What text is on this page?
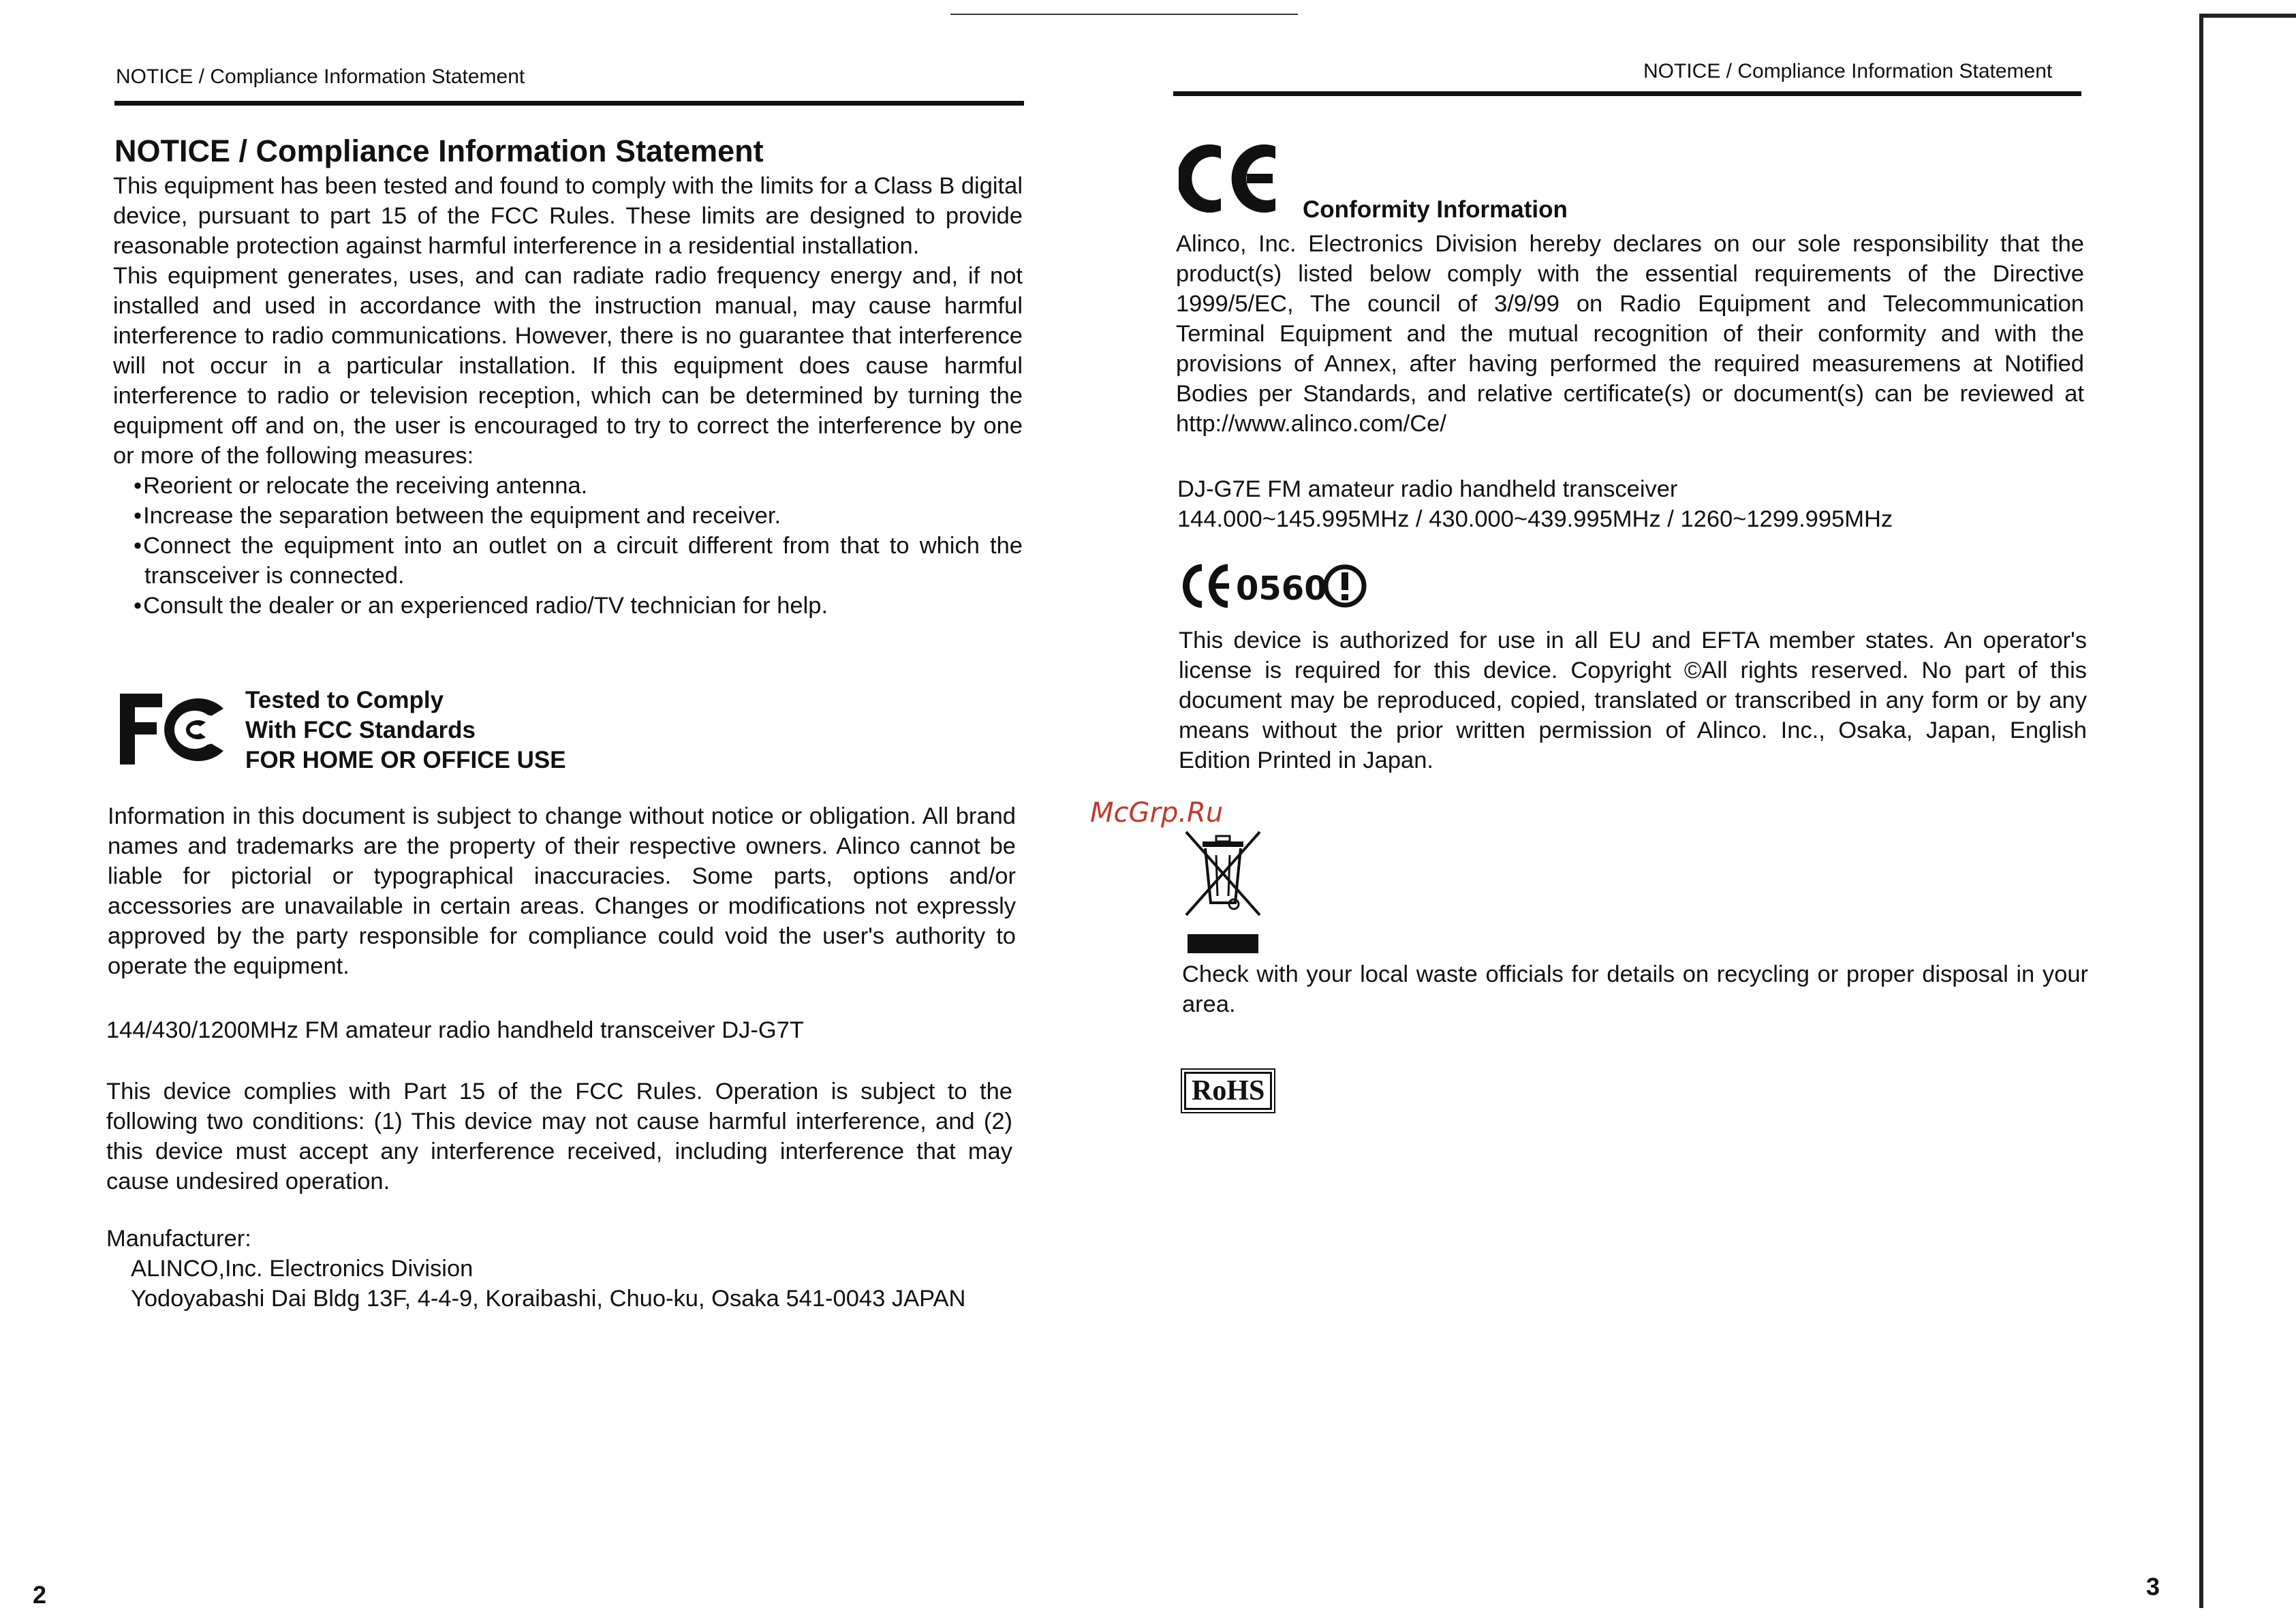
NOTICE / Compliance Information Statement
NOTICE / Compliance Information Statement

This equipment has been tested and found to comply with the limits for a Class B digital device, pursuant to part 15 of the FCC Rules. These limits are designed to provide reasonable protection against harmful interference in a residential installation.

This equipment generates, uses, and can radiate radio frequency energy and, if not installed and used in accordance with the instruction manual, may cause harmful interference to radio communications. However, there is no guarantee that interference will not occur in a particular installation. If this equipment does cause harmful interference to radio or television reception, which can be determined by turning the equipment off and on, the user is encouraged to try to correct the interference by one or more of the following measures:

• Reorient or relocate the receiving antenna.
• Increase the separation between the equipment and receiver.
• Connect the equipment into an outlet on a circuit different from that to which the transceiver is connected.
• Consult the dealer or an experienced radio/TV technician for help.
Tested to Comply
With FCC Standards
FOR HOME OR OFFICE USE
Information in this document is subject to change without notice or obligation. All brand names and trademarks are the property of their respective owners. Alinco cannot be liable for pictorial or typographical inaccuracies. Some parts, options and/or accessories are unavailable in certain areas. Changes or modifications not expressly approved by the party responsible for compliance could void the user's authority to operate the equipment.
144/430/1200MHz FM amateur radio handheld transceiver DJ-G7T
This device complies with Part 15 of the FCC Rules. Operation is subject to the following two conditions: (1) This device may not cause harmful interference, and (2) this device must accept any interference received, including interference that may cause undesired operation.
Manufacturer:
ALINCO,Inc. Electronics Division
Yodoyabashi Dai Bldg 13F, 4-4-9, Koraibashi, Chuo-ku, Osaka 541-0043 JAPAN
2
McGrp.Ru
NOTICE / Compliance Information Statement
Conformity Information
Alinco, Inc. Electronics Division hereby declares on our sole responsibility that the product(s) listed below comply with the essential requirements of the Directive 1999/5/EC, The council of 3/9/99 on Radio Equipment and Telecommunication Terminal Equipment and the mutual recognition of their conformity and with the provisions of Annex, after having performed the required measuremens at Notified Bodies per Standards, and relative certificate(s) or document(s) can be reviewed at http://www.alinco.com/Ce/
DJ-G7E FM amateur radio handheld transceiver
144.000~145.995MHz / 430.000~439.995MHz / 1260~1299.995MHz
0560
This device is authorized for use in all EU and EFTA member states. An operator's license is required for this device. Copyright ©All rights reserved. No part of this document may be reproduced, copied, translated or transcribed in any form or by any means without the prior written permission of Alinco. Inc., Osaka, Japan, English Edition Printed in Japan.
Check with your local waste officials for details on recycling or proper disposal in your area.
RoHS
3
